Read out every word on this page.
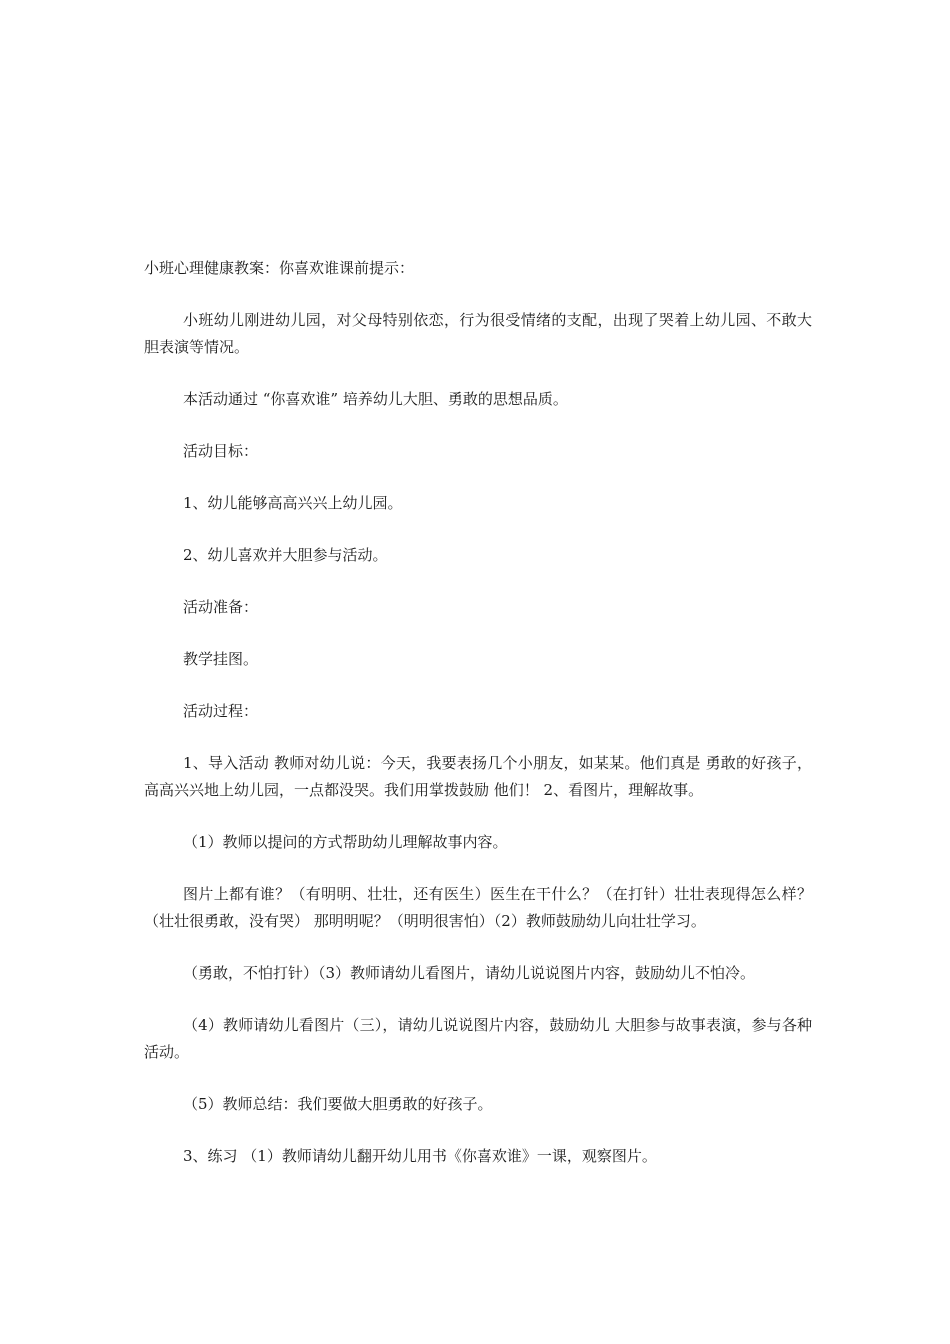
小班心理健康教案：你喜欢谁课前提示：

小班幼儿刚进幼儿园，对父母特别依恋，行为很受情绪的支配，出现了哭着上幼儿园、不敢大胆表演等情况。

本活动通过 “你喜欢谁” 培养幼儿大胆、勇敢的思想品质。

活动目标：

1、幼儿能够高高兴兴上幼儿园。

2、幼儿喜欢并大胆参与活动。

活动准备：

教学挂图。

活动过程：

1、导入活动 教师对幼儿说：今天，我要表扬几个小朋友，如某某。他们真是 勇敢的好孩子，高高兴兴地上幼儿园，一点都没哭。我们用掌拨鼓励 他们！ 2、看图片，理解故事。

（1）教师以提问的方式帮助幼儿理解故事内容。

图片上都有谁？（有明明、壮壮，还有医生）医生在干什么？（在打针）壮壮表现得怎么样？（壮壮很勇敢，没有哭） 那明明呢？（明明很害怕）（2）教师鼓励幼儿向壮壮学习。

（勇敢，不怕打针）（3）教师请幼儿看图片，请幼儿说说图片内容，鼓励幼儿不怕冷。

（4）教师请幼儿看图片（三），请幼儿说说图片内容，鼓励幼儿 大胆参与故事表演，参与各种活动。

（5）教师总结：我们要做大胆勇敢的好孩子。

3、练习 （1）教师请幼儿翻开幼儿用书《你喜欢谁》一课，观察图片。
